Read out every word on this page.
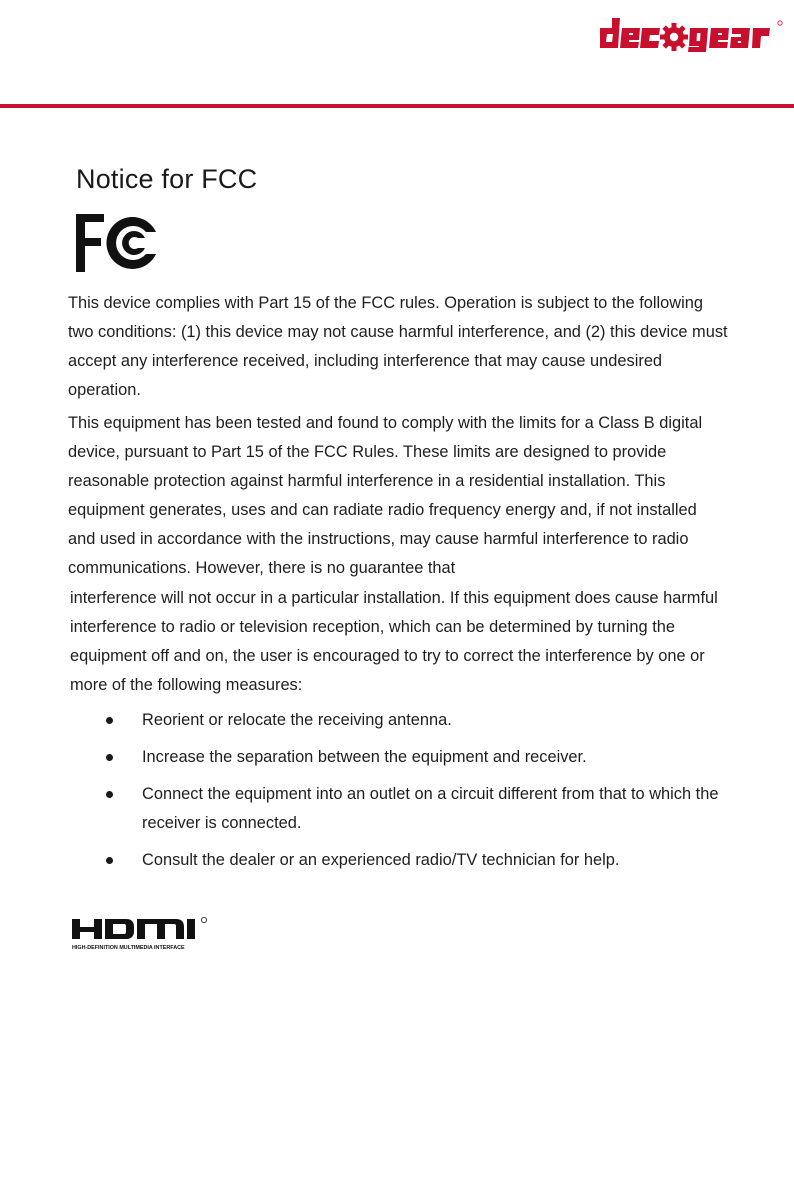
Notice for FCC

This device complies with Part 15 of the FCC rules. Operation is subject to the following two conditions: (1) this device may not cause harmful interference, and (2) this device must accept any interference received, including interference that may cause undesired operation.

This equipment has been tested and found to comply with the limits for a Class B digital device, pursuant to Part 15 of the FCC Rules. These limits are designed to provide reasonable protection against harmful interference in a residential installation. This equipment generates, uses and can radiate radio frequency energy and, if not installed and used in accordance with the instructions, may cause harmful interference to radio communications. However, there is no guarantee that

interference will not occur in a particular installation. If this equipment does cause harmful interference to radio or television reception, which can be determined by turning the equipment off and on, the user is encouraged to try to correct the interference by one or more of the following measures:

Reorient or relocate the receiving antenna.
Increase the separation between the equipment and receiver.
Connect the equipment into an outlet on a circuit different from that to which the receiver is connected.
Consult the dealer or an experienced radio/TV technician for help.
HIGH-DEFINITION MULTIMEDIA INTERFACE
